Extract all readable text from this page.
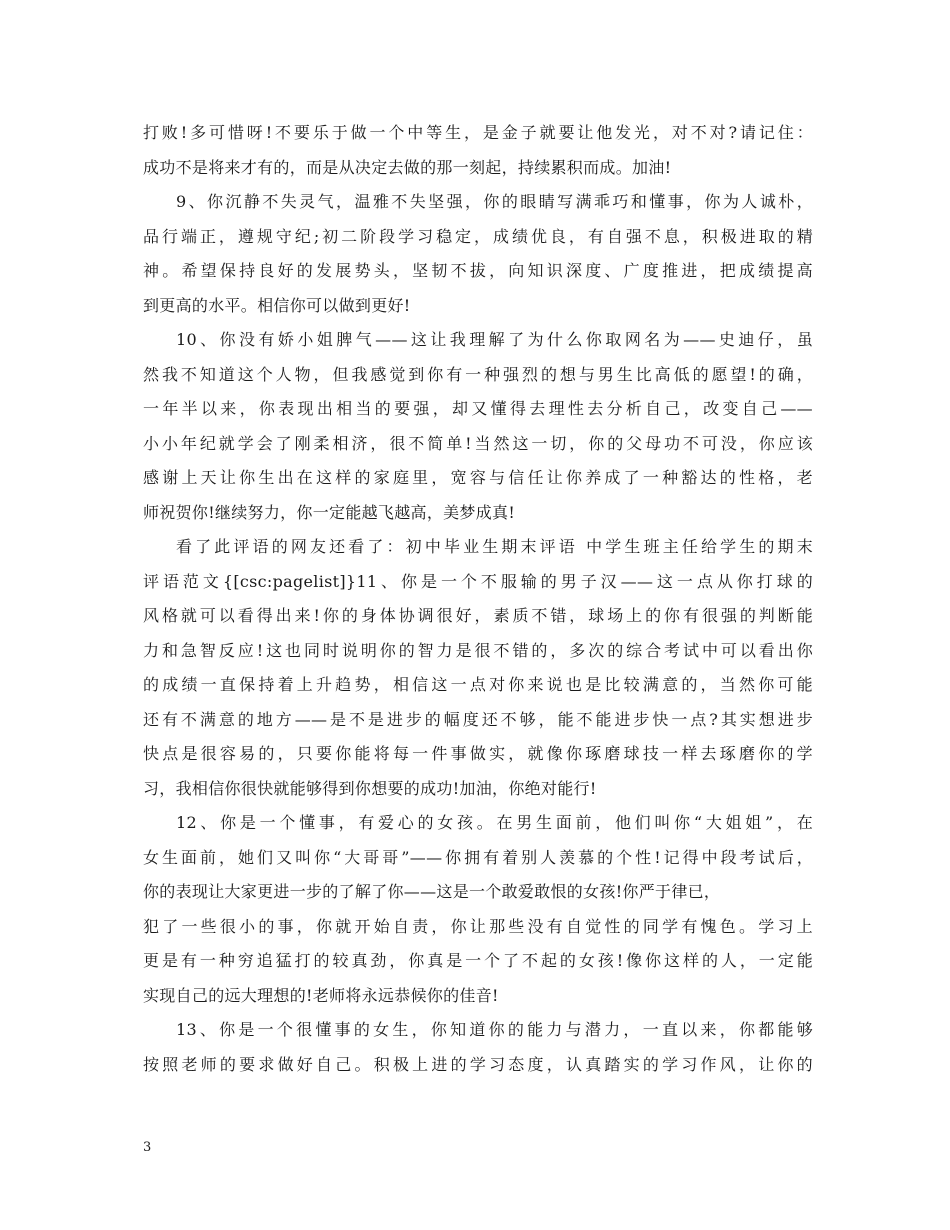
打败!多可惜呀!不要乐于做一个中等生，是金子就要让他发光，对不对?请记住：
成功不是将来才有的，而是从决定去做的那一刻起，持续累积而成。加油!
9、你沉静不失灵气，温雅不失坚强，你的眼睛写满乖巧和懂事，你为人诚朴，
品行端正，遵规守纪;初二阶段学习稳定，成绩优良，有自强不息，积极进取的精
神。希望保持良好的发展势头，坚韧不拔，向知识深度、广度推进，把成绩提高
到更高的水平。相信你可以做到更好!
10、你没有娇小姐脾气——这让我理解了为什么你取网名为——史迪仔，虽
然我不知道这个人物，但我感觉到你有一种强烈的想与男生比高低的愿望!的确，
一年半以来，你表现出相当的要强，却又懂得去理性去分析自己，改变自己——
小小年纪就学会了刚柔相济，很不简单!当然这一切，你的父母功不可没，你应该
感谢上天让你生出在这样的家庭里，宽容与信任让你养成了一种豁达的性格，老
师祝贺你!继续努力，你一定能越飞越高，美梦成真!
看了此评语的网友还看了：初中毕业生期末评语 中学生班主任给学生的期末
评语范文{[csc:pagelist]}11、你是一个不服输的男子汉——这一点从你打球的
风格就可以看得出来!你的身体协调很好，素质不错，球场上的你有很强的判断能
力和急智反应!这也同时说明你的智力是很不错的，多次的综合考试中可以看出你
的成绩一直保持着上升趋势，相信这一点对你来说也是比较满意的，当然你可能
还有不满意的地方——是不是进步的幅度还不够，能不能进步快一点?其实想进步
快点是很容易的，只要你能将每一件事做实，就像你琢磨球技一样去琢磨你的学
习，我相信你很快就能够得到你想要的成功!加油，你绝对能行!
12、你是一个懂事，有爱心的女孩。在男生面前，他们叫你“大姐姐”，在
女生面前，她们又叫你“大哥哥”——你拥有着别人羡慕的个性!记得中段考试后，
你的表现让大家更进一步的了解了你——这是一个敢爱敢恨的女孩!你严于律已，
犯了一些很小的事，你就开始自责，你让那些没有自觉性的同学有愧色。学习上
更是有一种穷追猛打的较真劲，你真是一个了不起的女孩!像你这样的人，一定能
实现自己的远大理想的!老师将永远恭候你的佳音!
13、你是一个很懂事的女生，你知道你的能力与潜力，一直以来，你都能够
按照老师的要求做好自己。积极上进的学习态度，认真踏实的学习作风，让你的
3
